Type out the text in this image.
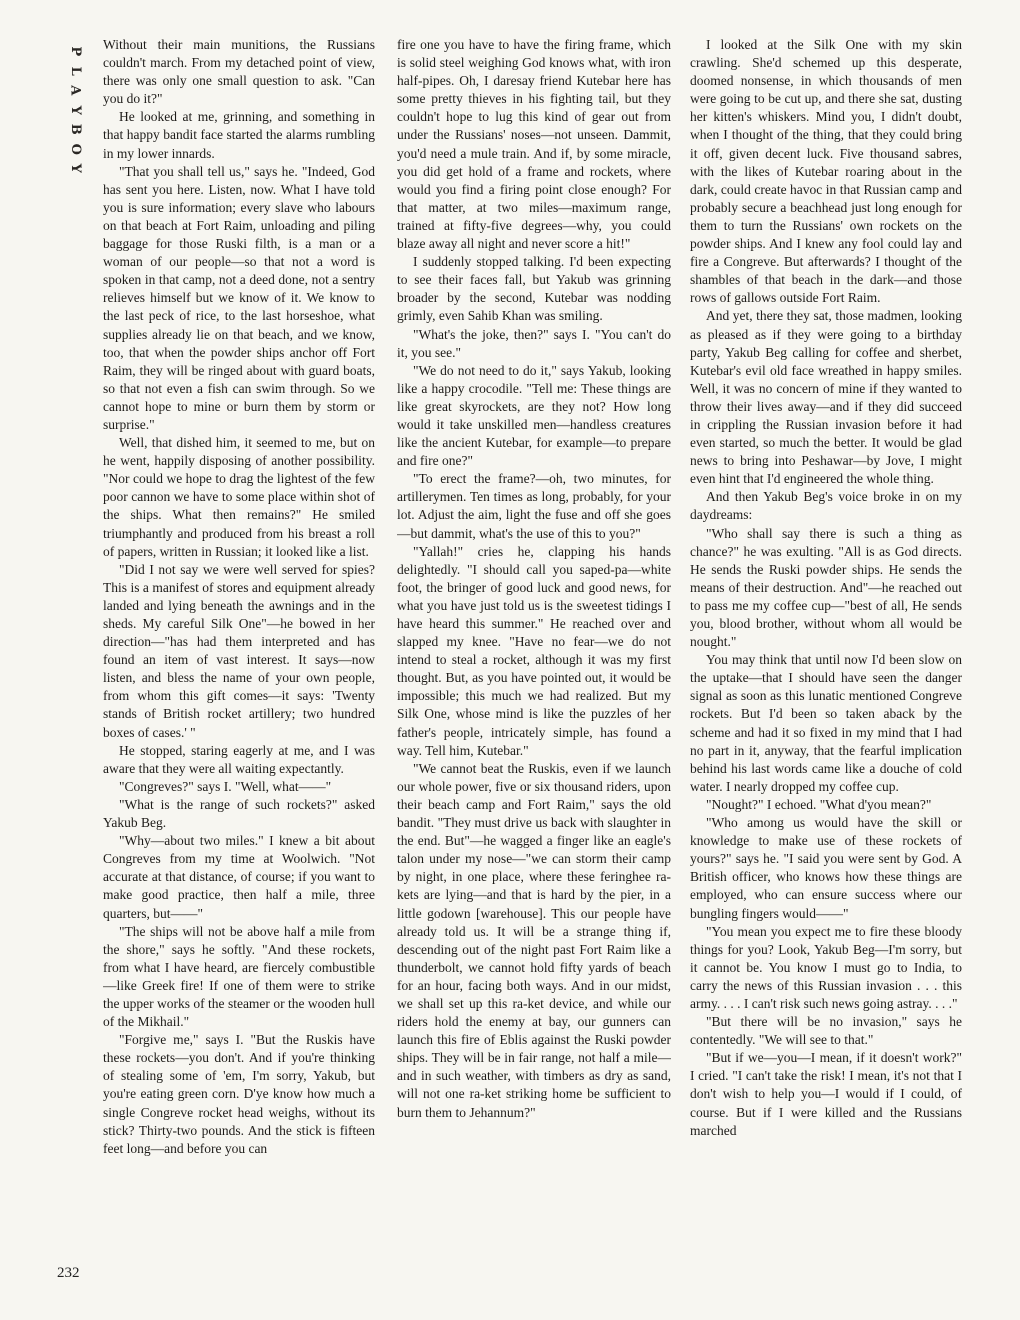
P
L
A
Y
B
O
Y
232

Without their main munitions, the Russians couldn't march. From my detached point of view, there was only one small question to ask. "Can you do it?"

He looked at me, grinning, and something in that happy bandit face started the alarms rumbling in my lower innards.

"That you shall tell us," says he. "Indeed, God has sent you here. Listen, now. What I have told you is sure information; every slave who labours on that beach at Fort Raim, unloading and piling baggage for those Ruski filth, is a man or a woman of our people—so that not a word is spoken in that camp, not a deed done, not a sentry relieves himself but we know of it. We know to the last peck of rice, to the last horseshoe, what supplies already lie on that beach, and we know, too, that when the powder ships anchor off Fort Raim, they will be ringed about with guard boats, so that not even a fish can swim through. So we cannot hope to mine or burn them by storm or surprise."

Well, that dished him, it seemed to me, but on he went, happily disposing of another possibility. "Nor could we hope to drag the lightest of the few poor cannon we have to some place within shot of the ships. What then remains?" He smiled triumphantly and produced from his breast a roll of papers, written in Russian; it looked like a list.

"Did I not say we were well served for spies? This is a manifest of stores and equipment already landed and lying beneath the awnings and in the sheds. My careful Silk One"—he bowed in her direction—"has had them interpreted and has found an item of vast interest. It says—now listen, and bless the name of your own people, from whom this gift comes—it says: 'Twenty stands of British rocket artillery; two hundred boxes of cases.' "

He stopped, staring eagerly at me, and I was aware that they were all waiting expectantly.

"Congreves?" says I. "Well, what——"

"What is the range of such rockets?" asked Yakub Beg.

"Why—about two miles." I knew a bit about Congreves from my time at Woolwich. "Not accurate at that distance, of course; if you want to make good practice, then half a mile, three quarters, but——"

"The ships will not be above half a mile from the shore," says he softly. "And these rockets, from what I have heard, are fiercely combustible—like Greek fire! If one of them were to strike the upper works of the steamer or the wooden hull of the Mikhail."

"Forgive me," says I. "But the Ruskis have these rockets—you don't. And if you're thinking of stealing some of 'em, I'm sorry, Yakub, but you're eating green corn. D'ye know how much a single Congreve rocket head weighs, without its stick? Thirty-two pounds. And the stick is fifteen feet long—and before you can

fire one you have to have the firing frame, which is solid steel weighing God knows what, with iron half-pipes. Oh, I daresay friend Kutebar here has some pretty thieves in his fighting tail, but they couldn't hope to lug this kind of gear out from under the Russians' noses—not unseen. Dammit, you'd need a mule train. And if, by some miracle, you did get hold of a frame and rockets, where would you find a firing point close enough? For that matter, at two miles—maximum range, trained at fifty-five degrees—why, you could blaze away all night and never score a hit!"

I suddenly stopped talking. I'd been expecting to see their faces fall, but Yakub was grinning broader by the second, Kutebar was nodding grimly, even Sahib Khan was smiling.

"What's the joke, then?" says I. "You can't do it, you see."

"We do not need to do it," says Yakub, looking like a happy crocodile. "Tell me: These things are like great skyrockets, are they not? How long would it take unskilled men—handless creatures like the ancient Kutebar, for example—to prepare and fire one?"

"To erect the frame?—oh, two minutes, for artillerymen. Ten times as long, probably, for your lot. Adjust the aim, light the fuse and off she goes—but dammit, what's the use of this to you?"

"Yallah!" cries he, clapping his hands delightedly. "I should call you saped-pa—white foot, the bringer of good luck and good news, for what you have just told us is the sweetest tidings I have heard this summer." He reached over and slapped my knee. "Have no fear—we do not intend to steal a rocket, although it was my first thought. But, as you have pointed out, it would be impossible; this much we had realized. But my Silk One, whose mind is like the puzzles of her father's people, intricately simple, has found a way. Tell him, Kutebar."

"We cannot beat the Ruskis, even if we launch our whole power, five or six thousand riders, upon their beach camp and Fort Raim," says the old bandit. "They must drive us back with slaughter in the end. But"—he wagged a finger like an eagle's talon under my nose—"we can storm their camp by night, in one place, where these feringhee ra-kets are lying—and that is hard by the pier, in a little godown [warehouse]. This our people have already told us. It will be a strange thing if, descending out of the night past Fort Raim like a thunderbolt, we cannot hold fifty yards of beach for an hour, facing both ways. And in our midst, we shall set up this ra-ket device, and while our riders hold the enemy at bay, our gunners can launch this fire of Eblis against the Ruski powder ships. They will be in fair range, not half a mile—and in such weather, with timbers as dry as sand, will not one ra-ket striking home be sufficient to burn them to Jehannum?"

I looked at the Silk One with my skin crawling. She'd schemed up this desperate, doomed nonsense, in which thousands of men were going to be cut up, and there she sat, dusting her kitten's whiskers. Mind you, I didn't doubt, when I thought of the thing, that they could bring it off, given decent luck. Five thousand sabres, with the likes of Kutebar roaring about in the dark, could create havoc in that Russian camp and probably secure a beachhead just long enough for them to turn the Russians' own rockets on the powder ships. And I knew any fool could lay and fire a Congreve. But afterwards? I thought of the shambles of that beach in the dark—and those rows of gallows outside Fort Raim.

And yet, there they sat, those madmen, looking as pleased as if they were going to a birthday party, Yakub Beg calling for coffee and sherbet, Kutebar's evil old face wreathed in happy smiles. Well, it was no concern of mine if they wanted to throw their lives away—and if they did succeed in crippling the Russian invasion before it had even started, so much the better. It would be glad news to bring into Peshawar—by Jove, I might even hint that I'd engineered the whole thing.

And then Yakub Beg's voice broke in on my daydreams:

"Who shall say there is such a thing as chance?" he was exulting. "All is as God directs. He sends the Ruski powder ships. He sends the means of their destruction. And"—he reached out to pass me my coffee cup—"best of all, He sends you, blood brother, without whom all would be nought."

You may think that until now I'd been slow on the uptake—that I should have seen the danger signal as soon as this lunatic mentioned Congreve rockets. But I'd been so taken aback by the scheme and had it so fixed in my mind that I had no part in it, anyway, that the fearful implication behind his last words came like a douche of cold water. I nearly dropped my coffee cup.

"Nought?" I echoed. "What d'you mean?"

"Who among us would have the skill or knowledge to make use of these rockets of yours?" says he. "I said you were sent by God. A British officer, who knows how these things are employed, who can ensure success where our bungling fingers would——"

"You mean you expect me to fire these bloody things for you? Look, Yakub Beg—I'm sorry, but it cannot be. You know I must go to India, to carry the news of this Russian invasion . . . this army. . . . I can't risk such news going astray. . . ."

"But there will be no invasion," says he contentedly. "We will see to that."

"But if we—you—I mean, if it doesn't work?" I cried. "I can't take the risk! I mean, it's not that I don't wish to help you—I would if I could, of course. But if I were killed and the Russians marched
